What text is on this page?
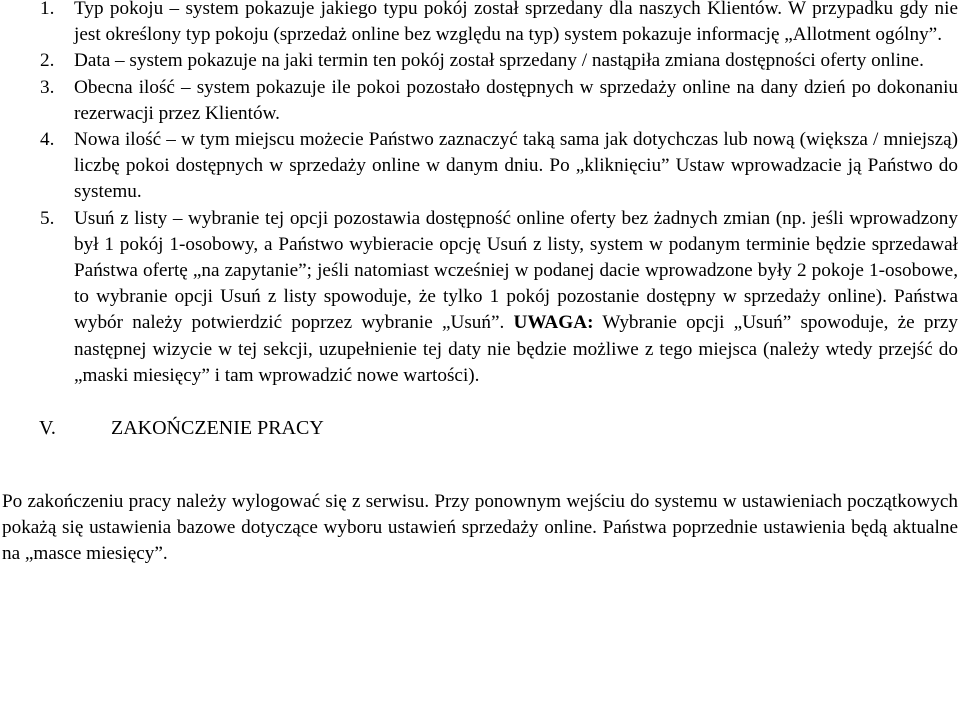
1. Typ pokoju – system pokazuje jakiego typu pokój został sprzedany dla naszych Klientów. W przypadku gdy nie jest określony typ pokoju (sprzedaż online bez względu na typ) system pokazuje informację „Allotment ogólny”.
2. Data – system pokazuje na jaki termin ten pokój został sprzedany / nastąpiła zmiana dostępności oferty online.
3. Obecna ilość – system pokazuje ile pokoi pozostało dostępnych w sprzedaży online na dany dzień po dokonaniu rezerwacji przez Klientów.
4. Nowa ilość – w tym miejscu możecie Państwo zaznaczyć taką sama jak dotychczas lub nową (większa / mniejszą) liczbę pokoi dostępnych w sprzedaży online w danym dniu. Po „kliknięciu” Ustaw wprowadzacie ją Państwo do systemu.
5. Usuń z listy – wybranie tej opcji pozostawia dostępność online oferty bez żadnych zmian (np. jeśli wprowadzony był 1 pokój 1-osobowy, a Państwo wybieracie opcję Usuń z listy, system w podanym terminie będzie sprzedawał Państwa ofertę „na zapytanie”; jeśli natomiast wcześniej w podanej dacie wprowadzone były 2 pokoje 1-osobowe, to wybranie opcji Usuń z listy spowoduje, że tylko 1 pokój pozostanie dostępny w sprzedaży online). Państwa wybór należy potwierdzić poprzez wybranie „Usuń”. UWAGA: Wybranie opcji „Usuń” spowoduje, że przy następnej wizycie w tej sekcji, uzupełnienie tej daty nie będzie możliwe z tego miejsca (należy wtedy przejść do „maski miesięcy” i tam wprowadzić nowe wartości).
V.	ZAKOŃCZENIE PRACY

Po zakończeniu pracy należy wylogować się z serwisu. Przy ponownym wejściu do systemu w ustawieniach początkowych pokażą się ustawienia bazowe dotyczące wyboru ustawień sprzedaży online. Państwa poprzednie ustawienia będą aktualne na „masce miesięcy”.
